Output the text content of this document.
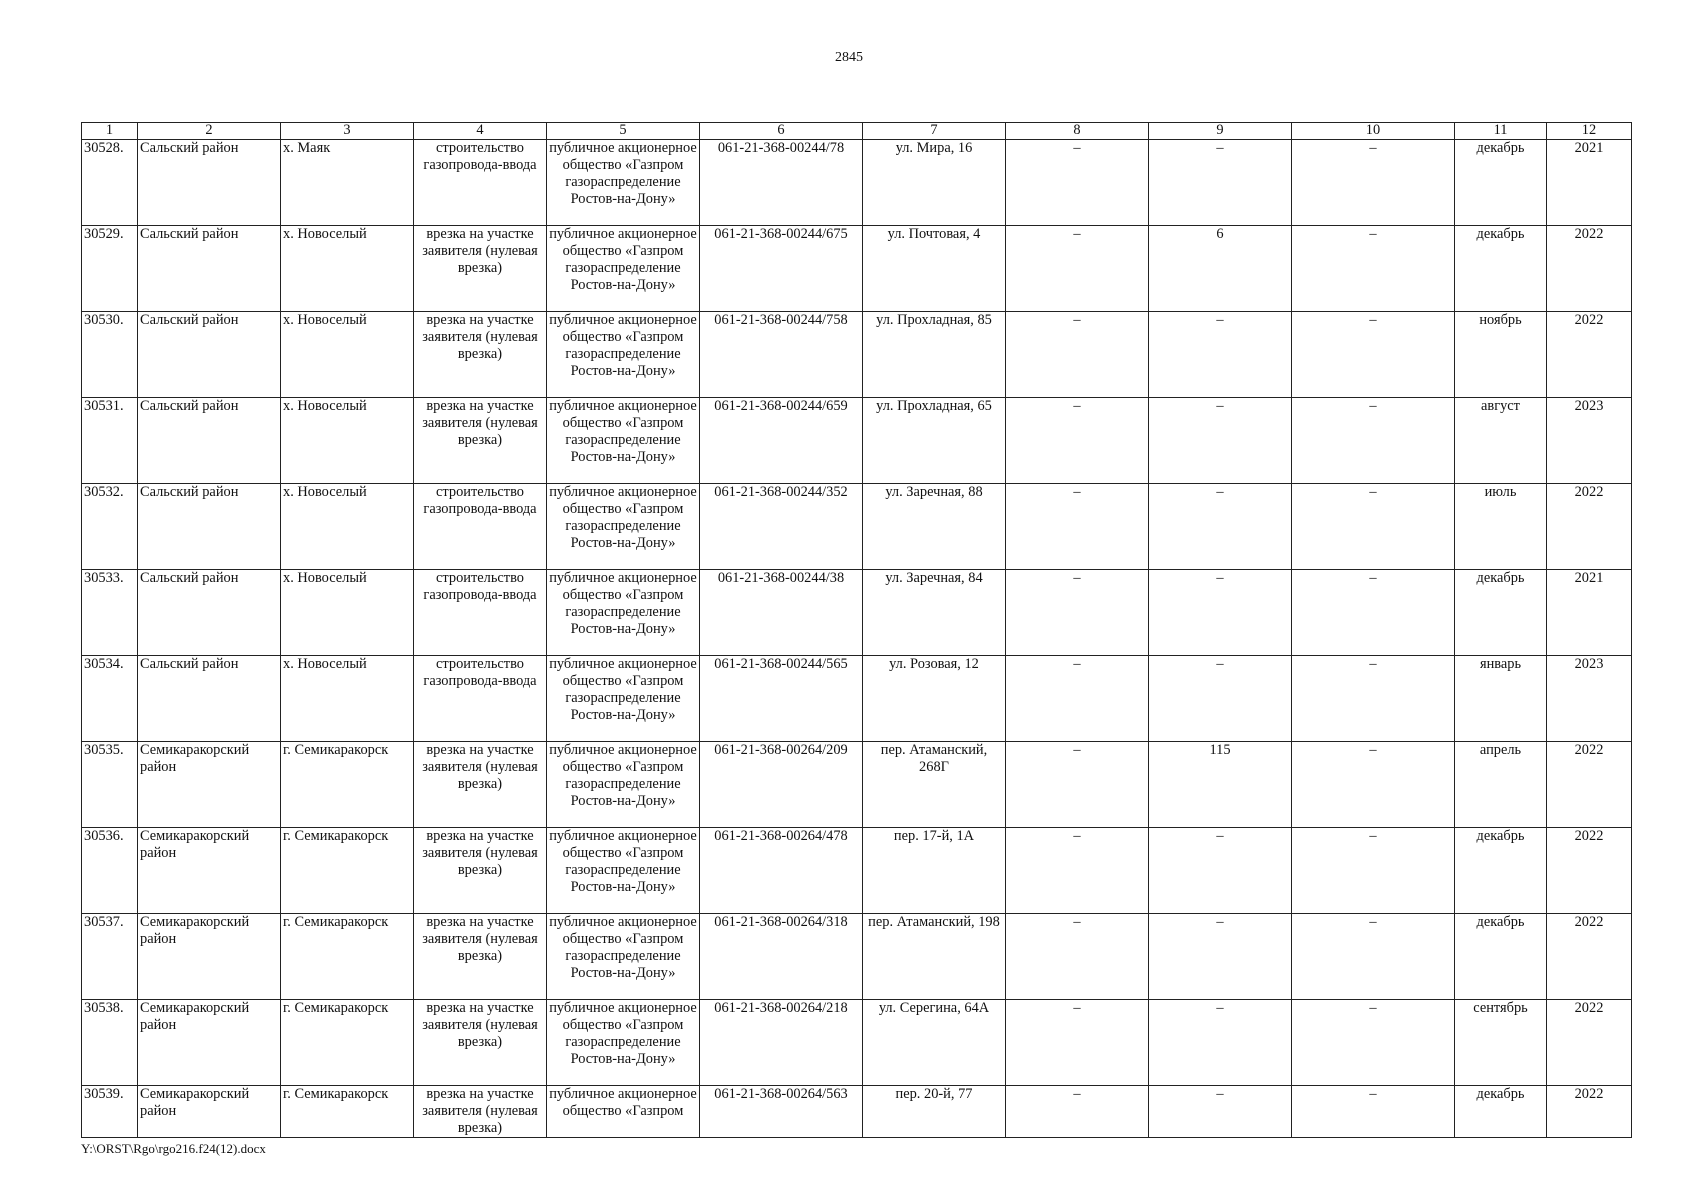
2845
1	2	3	4	5	6	7	8	9	10	11	12
30528.	Сальский район	х. Маяк	строительство газопровода-ввода	публичное акционерное общество «Газпром газораспределение Ростов-на-Дону»	061-21-368-00244/78	ул. Мира, 16	–	–	–	декабрь	2021
30529.	Сальский район	х. Новоселый	врезка на участке заявителя (нулевая врезка)	публичное акционерное общество «Газпром газораспределение Ростов-на-Дону»	061-21-368-00244/675	ул. Почтовая, 4	–	6	–	декабрь	2022
30530.	Сальский район	х. Новоселый	врезка на участке заявителя (нулевая врезка)	публичное акционерное общество «Газпром газораспределение Ростов-на-Дону»	061-21-368-00244/758	ул. Прохладная, 85	–	–	–	ноябрь	2022
30531.	Сальский район	х. Новоселый	врезка на участке заявителя (нулевая врезка)	публичное акционерное общество «Газпром газораспределение Ростов-на-Дону»	061-21-368-00244/659	ул. Прохладная, 65	–	–	–	август	2023
30532.	Сальский район	х. Новоселый	строительство газопровода-ввода	публичное акционерное общество «Газпром газораспределение Ростов-на-Дону»	061-21-368-00244/352	ул. Заречная, 88	–	–	–	июль	2022
30533.	Сальский район	х. Новоселый	строительство газопровода-ввода	публичное акционерное общество «Газпром газораспределение Ростов-на-Дону»	061-21-368-00244/38	ул. Заречная, 84	–	–	–	декабрь	2021
30534.	Сальский район	х. Новоселый	строительство газопровода-ввода	публичное акционерное общество «Газпром газораспределение Ростов-на-Дону»	061-21-368-00244/565	ул. Розовая, 12	–	–	–	январь	2023
30535.	Семикаракорский район	г. Семикаракорск	врезка на участке заявителя (нулевая врезка)	публичное акционерное общество «Газпром газораспределение Ростов-на-Дону»	061-21-368-00264/209	пер. Атаманский, 268Г	–	115	–	апрель	2022
30536.	Семикаракорский район	г. Семикаракорск	врезка на участке заявителя (нулевая врезка)	публичное акционерное общество «Газпром газораспределение Ростов-на-Дону»	061-21-368-00264/478	пер. 17-й, 1А	–	–	–	декабрь	2022
30537.	Семикаракорский район	г. Семикаракорск	врезка на участке заявителя (нулевая врезка)	публичное акционерное общество «Газпром газораспределение Ростов-на-Дону»	061-21-368-00264/318	пер. Атаманский, 198	–	–	–	декабрь	2022
30538.	Семикаракорский район	г. Семикаракорск	врезка на участке заявителя (нулевая врезка)	публичное акционерное общество «Газпром газораспределение Ростов-на-Дону»	061-21-368-00264/218	ул. Серегина, 64А	–	–	–	сентябрь	2022
30539.	Семикаракорский район	г. Семикаракорск	врезка на участке заявителя (нулевая врезка)	публичное акционерное общество «Газпром	061-21-368-00264/563	пер. 20-й, 77	–	–	–	декабрь	2022
Y:\ORST\Rgo\rgo216.f24(12).docx
